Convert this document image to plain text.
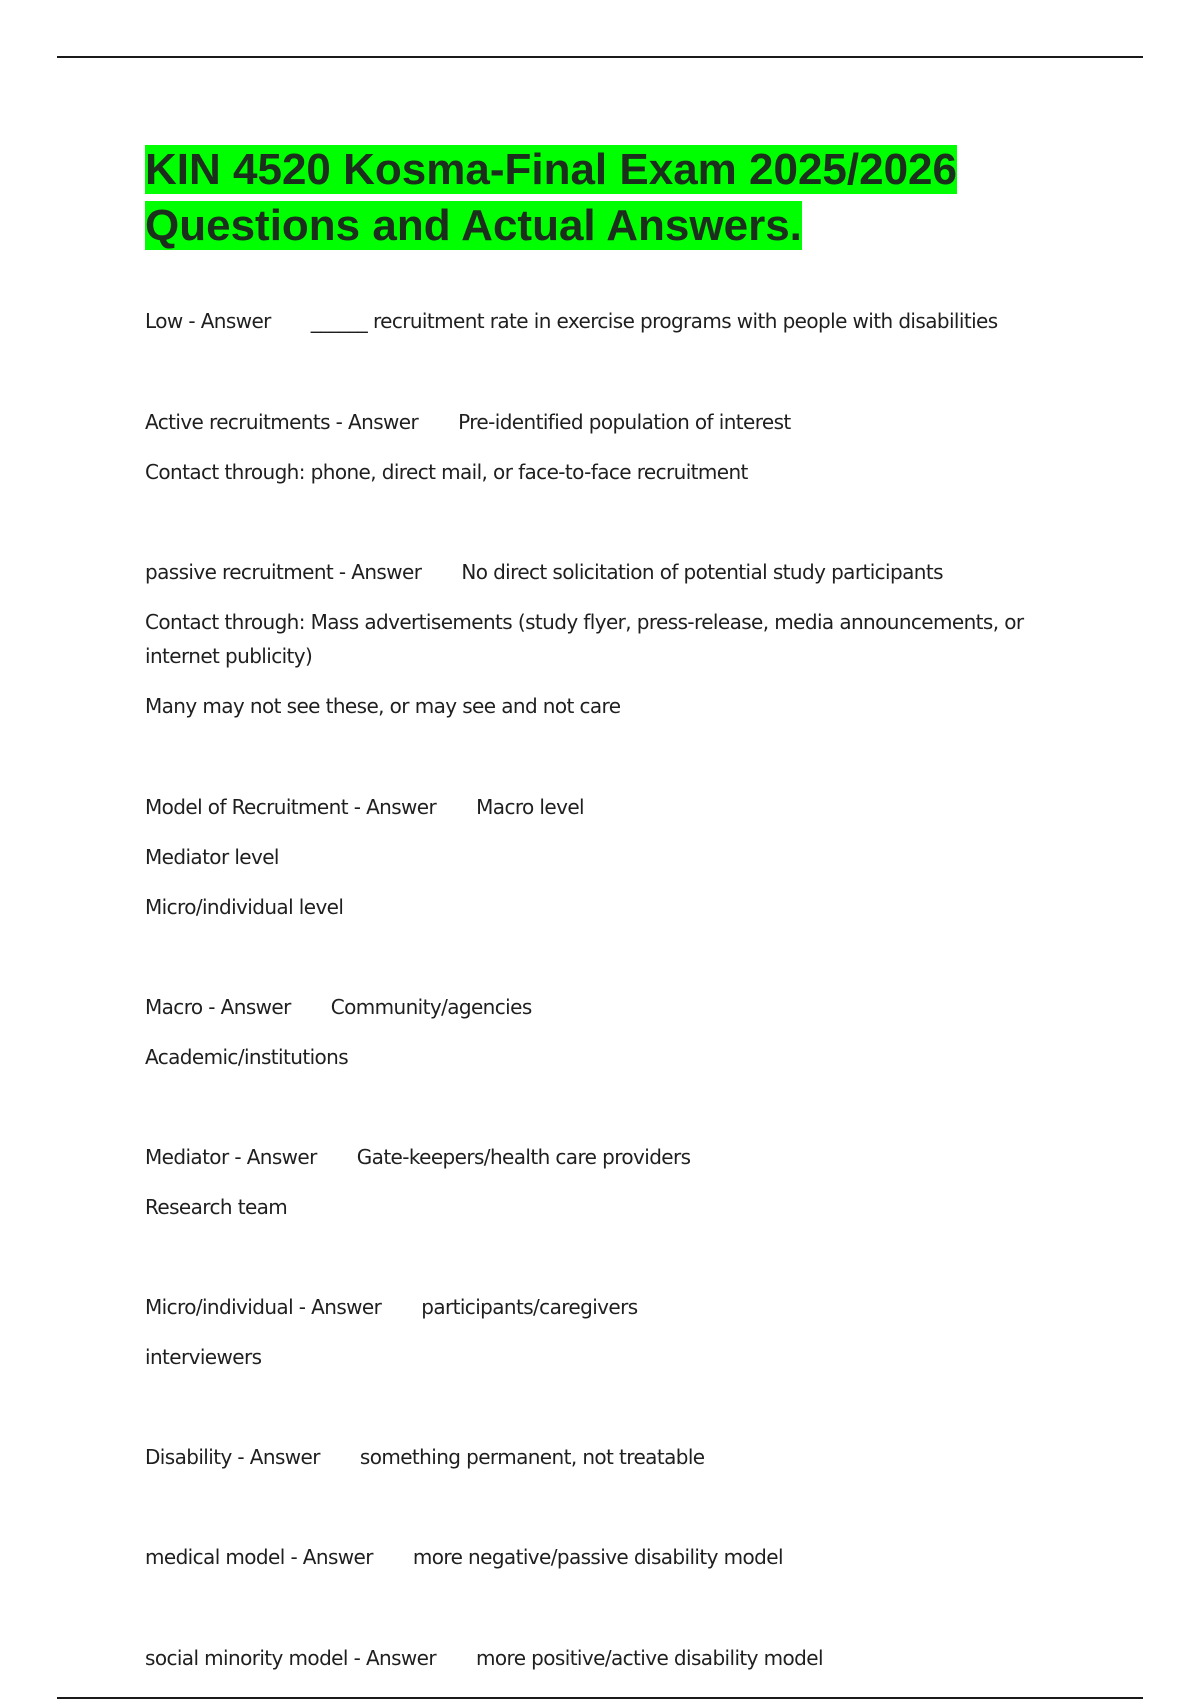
KIN 4520 Kosma-Final Exam 2025/2026 Questions and Actual Answers.
Low - Answer ______ recruitment rate in exercise programs with people with disabilities
Active recruitments - Answer Pre-identified population of interest
Contact through: phone, direct mail, or face-to-face recruitment
passive recruitment - Answer No direct solicitation of potential study participants
Contact through: Mass advertisements (study flyer, press-release, media announcements, or internet publicity)
Many may not see these, or may see and not care
Model of Recruitment - Answer Macro level
Mediator level
Micro/individual level
Macro - Answer Community/agencies
Academic/institutions
Mediator - Answer Gate-keepers/health care providers
Research team
Micro/individual - Answer participants/caregivers
interviewers
Disability - Answer something permanent, not treatable
medical model - Answer more negative/passive disability model
social minority model - Answer more positive/active disability model
